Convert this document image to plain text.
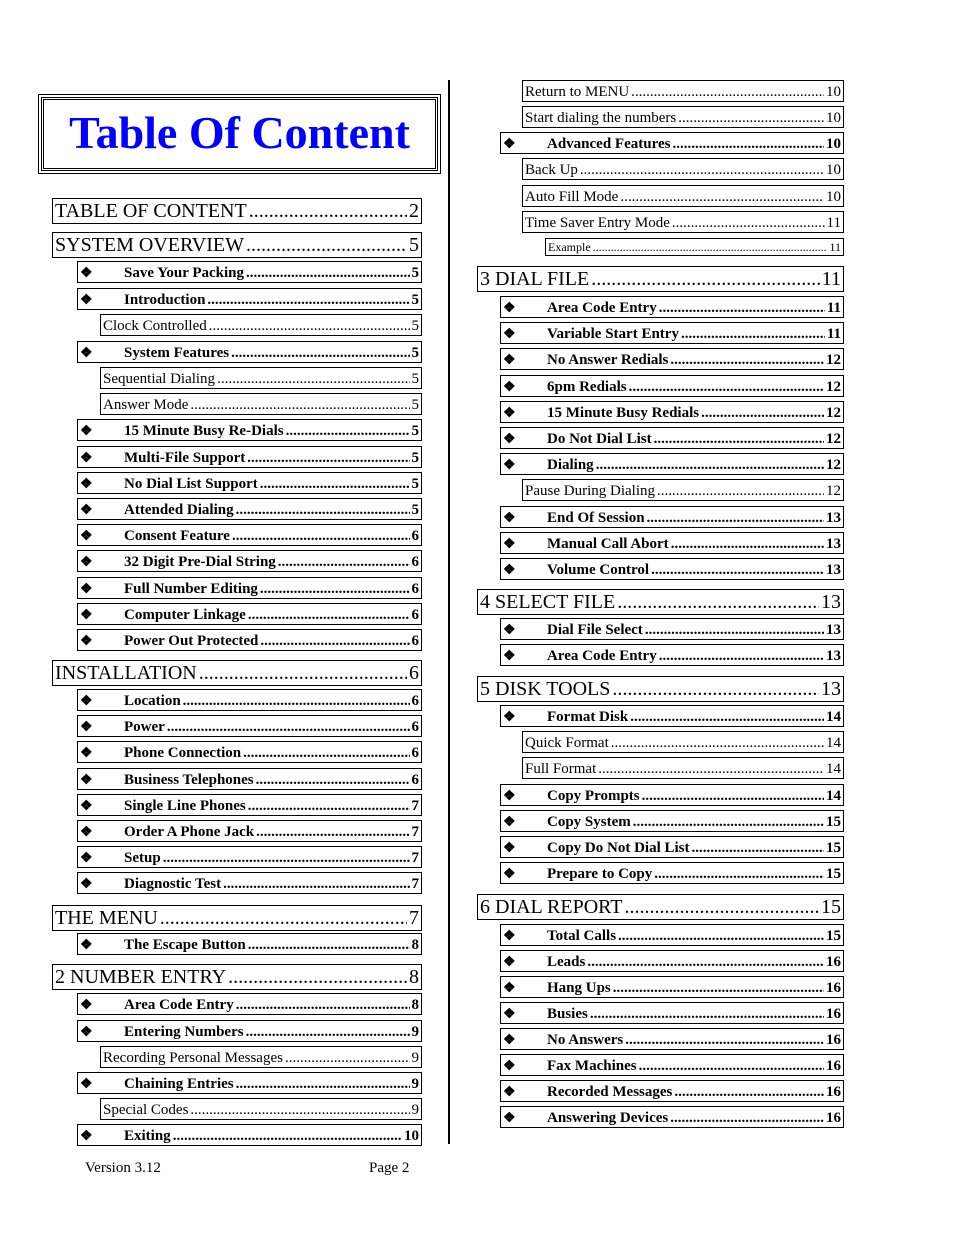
Table Of Content
TABLE OF CONTENT .....	2
SYSTEM OVERVIEW .....	5
❖	Save Your Packing .....	5
❖	Introduction .....	5
Clock Controlled .....	5
❖	System Features .....	5
Sequential Dialing .....	5
Answer Mode .....	5
❖	15 Minute Busy Re-Dials .....	5
❖	Multi-File Support .....	5
❖	No Dial List Support .....	5
❖	Attended Dialing .....	5
❖	Consent Feature .....	6
❖	32 Digit Pre-Dial String .....	6
❖	Full Number Editing .....	6
❖	Computer Linkage .....	6
❖	Power Out Protected .....	6
INSTALLATION .....	6
❖	Location .....	6
❖	Power .....	6
❖	Phone Connection .....	6
❖	Business Telephones .....	6
❖	Single Line Phones .....	7
❖	Order A Phone Jack .....	7
❖	Setup .....	7
❖	Diagnostic Test .....	7
THE MENU .....	7
❖	The Escape Button .....	8
2 NUMBER ENTRY .....	8
❖	Area Code Entry .....	8
❖	Entering Numbers .....	9
Recording Personal Messages .....	9
❖	Chaining Entries .....	9
Special Codes .....	9
❖	Exiting .....	10
Return to MENU .....	10
Start dialing the numbers .....	10
❖	Advanced Features .....	10
Back Up .....	10
Auto Fill Mode .....	10
Time Saver Entry Mode .....	11
Example .....	11
3 DIAL FILE .....	11
❖	Area Code Entry .....	11
❖	Variable Start Entry .....	11
❖	No Answer Redials .....	12
❖	6pm Redials .....	12
❖	15 Minute Busy Redials .....	12
❖	Do Not Dial List .....	12
❖	Dialing .....	12
Pause During Dialing .....	12
❖	End Of Session .....	13
❖	Manual Call Abort .....	13
❖	Volume Control .....	13
4 SELECT FILE .....	13
❖	Dial File Select .....	13
❖	Area Code Entry .....	13
5 DISK TOOLS .....	13
❖	Format Disk .....	14
Quick Format .....	14
Full Format .....	14
❖	Copy Prompts .....	14
❖	Copy System .....	15
❖	Copy Do Not Dial List .....	15
❖	Prepare to Copy .....	15
6 DIAL REPORT .....	15
❖	Total Calls .....	15
❖	Leads .....	16
❖	Hang Ups .....	16
❖	Busies .....	16
❖	No Answers .....	16
❖	Fax Machines .....	16
❖	Recorded Messages .....	16
❖	Answering Devices .....	16
Version 3.12	Page 2
